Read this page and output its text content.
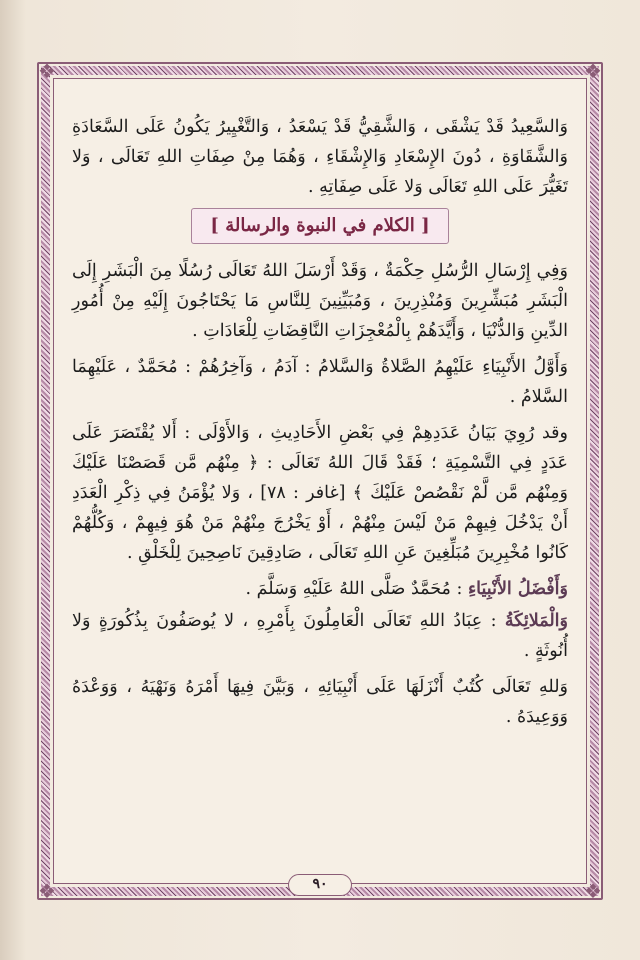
❖	❖
❖	❖

وَالسَّعِيدُ قَدْ يَشْقَى ، وَالشَّقِيُّ قَدْ يَسْعَدُ ، وَالتَّغْيِيرُ يَكُونُ عَلَى السَّعَادَةِ وَالشَّقَاوَةِ ، دُونَ الإِسْعَادِ وَالإِشْقَاءِ ، وَهُمَا مِنْ صِفَاتِ اللهِ تَعَالَى ، وَلا تَغَيُّرَ عَلَى اللهِ تَعَالَى وَلا عَلَى صِفَاتِهِ .

[ الكلام في النبوة والرسالة ]

وَفِي إِرْسَالِ الرُّسُلِ حِكْمَةٌ ، وَقَدْ أَرْسَلَ اللهُ تَعَالَى رُسُلًا مِنَ الْبَشَرِ إِلَى الْبَشَرِ مُبَشِّرِينَ وَمُنْذِرِينَ ، وَمُبَيِّنِينَ لِلنَّاسِ مَا يَحْتَاجُونَ إِلَيْهِ مِنْ أُمُورِ الدِّينِ وَالدُّنْيَا ، وَأَيَّدَهُمْ بِالْمُعْجِزَاتِ النَّاقِضَاتِ لِلْعَادَاتِ .

وَأَوَّلُ الأَنْبِيَاءِ عَلَيْهِمُ الصَّلاةُ وَالسَّلامُ : آدَمُ ، وَآخِرُهُمْ : مُحَمَّدٌ ، عَلَيْهِمَا السَّلامُ .

وقد رُوِيَ بَيَانُ عَدَدِهِمْ فِي بَعْضِ الأَحَادِيثِ ، وَالأَوْلَى : أَلا يُقْتَصَرَ عَلَى عَدَدٍ فِي التَّسْمِيَةِ ؛ فَقَدْ قَالَ اللهُ تَعَالَى : ﴿ مِنْهُم مَّن قَصَصْنَا عَلَيْكَ وَمِنْهُم مَّن لَّمْ نَقْصُصْ عَلَيْكَ ﴾ [غافر : ٧٨] ، وَلا يُؤْمَنُ فِي ذِكْرِ الْعَدَدِ أَنْ يَدْخُلَ فِيهِمْ مَنْ لَيْسَ مِنْهُمْ ، أَوْ يَخْرُجَ مِنْهُمْ مَنْ هُوَ فِيهِمْ ، وَكُلُّهُمْ كَانُوا مُخْبِرِينَ مُبَلِّغِينَ عَنِ اللهِ تَعَالَى ، صَادِقِينَ نَاصِحِينَ لِلْخَلْقِ .

وَأَفْضَلُ الأَنْبِيَاءِ : مُحَمَّدٌ صَلَّى اللهُ عَلَيْهِ وَسَلَّمَ .

وَالْمَلائِكَةُ : عِبَادُ اللهِ تَعَالَى الْعَامِلُونَ بِأَمْرِهِ ، لا يُوصَفُونَ بِذُكُورَةٍ وَلا أُنُوثَةٍ .

وَللهِ تَعَالَى كُتُبٌ أَنْزَلَهَا عَلَى أَنْبِيَائِهِ ، وَبَيَّنَ فِيهَا أَمْرَهُ وَنَهْيَهُ ، وَوَعْدَهُ وَوَعِيدَهُ .

٩٠
